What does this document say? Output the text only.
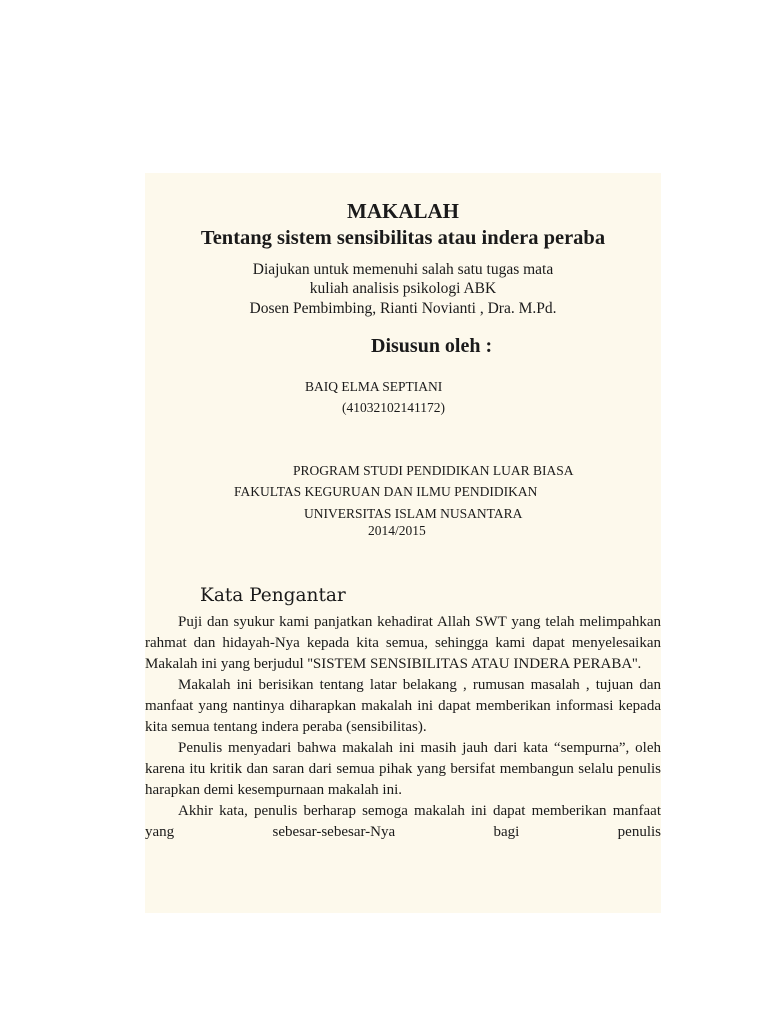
MAKALAH
Tentang sistem sensibilitas atau indera peraba
Diajukan untuk memenuhi salah satu tugas mata
kuliah analisis psikologi ABK
Dosen Pembimbing, Rianti Novianti , Dra. M.Pd.
Disusun oleh :
BAIQ ELMA SEPTIANI
(41032102141172)
PROGRAM STUDI PENDIDIKAN LUAR BIASA
FAKULTAS KEGURUAN DAN ILMU PENDIDIKAN
UNIVERSITAS ISLAM NUSANTARA
2014/2015
Kata Pengantar

Puji dan syukur kami panjatkan kehadirat Allah SWT yang telah melimpahkan rahmat dan hidayah-Nya kepada kita semua, sehingga kami dapat menyelesaikan Makalah ini yang berjudul ''SISTEM SENSIBILITAS ATAU INDERA PERABA''.

Makalah ini berisikan tentang latar belakang , rumusan masalah , tujuan dan manfaat yang nantinya diharapkan makalah ini dapat memberikan informasi kepada kita semua tentang indera peraba (sensibilitas).

Penulis menyadari bahwa makalah ini masih jauh dari kata “sempurna”, oleh karena itu kritik dan saran dari semua pihak yang bersifat membangun selalu penulis harapkan demi kesempurnaan makalah ini.

Akhir kata, penulis berharap semoga makalah ini dapat memberikan manfaat yang sebesar-sebesar-Nya bagi penulis
